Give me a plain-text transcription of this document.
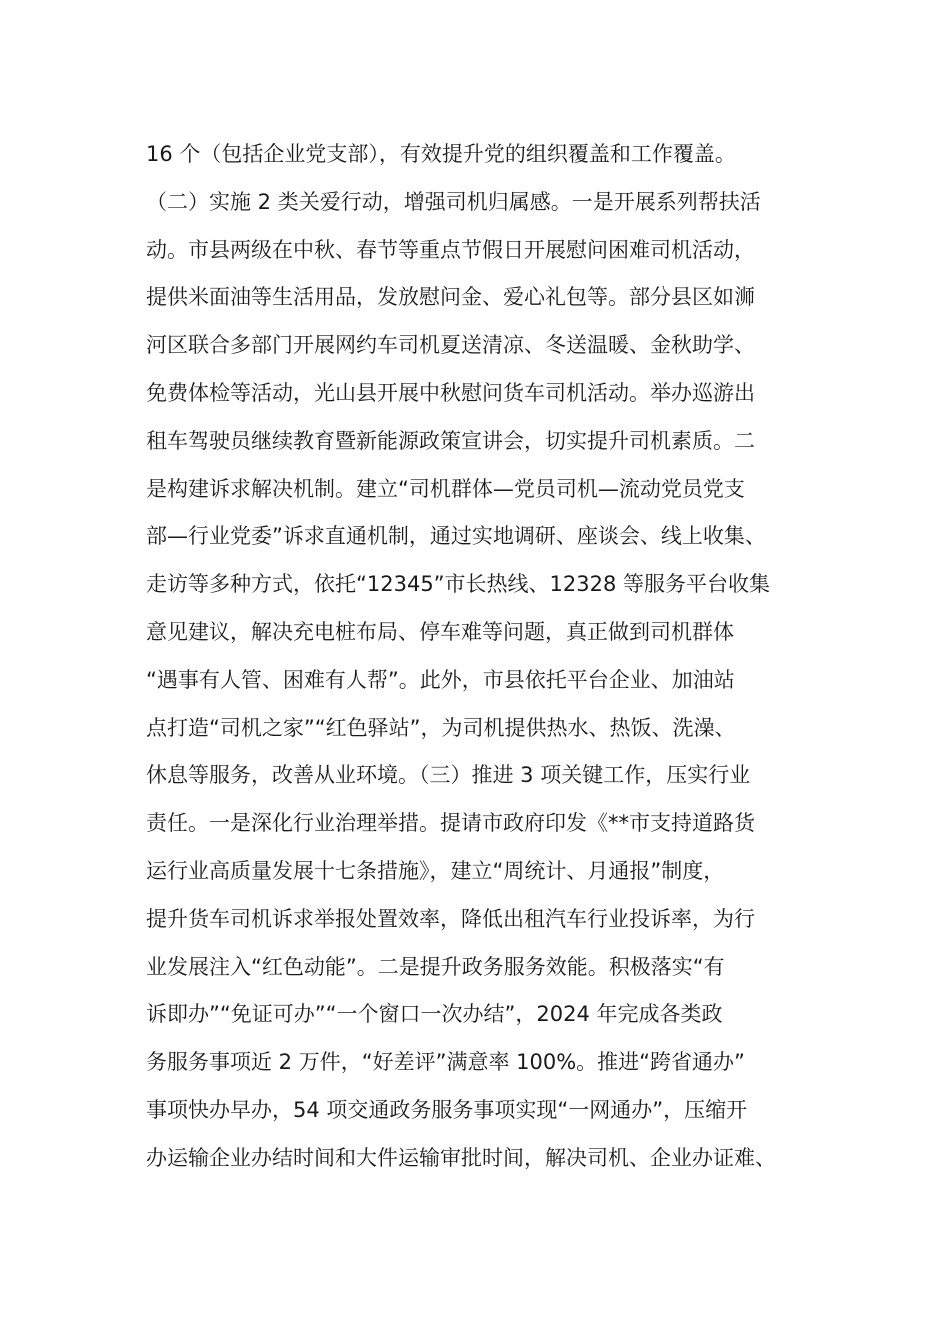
16 个（包括企业党支部），有效提升党的组织覆盖和工作覆盖。
（二）实施 2 类关爱行动，增强司机归属感。一是开展系列帮扶活
动。市县两级在中秋、春节等重点节假日开展慰问困难司机活动，
提供米面油等生活用品，发放慰问金、爱心礼包等。部分县区如浉
河区联合多部门开展网约车司机夏送清凉、冬送温暖、金秋助学、
免费体检等活动，光山县开展中秋慰问货车司机活动。举办巡游出
租车驾驶员继续教育暨新能源政策宣讲会，切实提升司机素质。二
是构建诉求解决机制。建立“司机群体—党员司机—流动党员党支
部—行业党委”诉求直通机制，通过实地调研、座谈会、线上收集、
走访等多种方式，依托“12345”市长热线、12328 等服务平台收集
意见建议，解决充电桩布局、停车难等问题，真正做到司机群体
“遇事有人管、困难有人帮”。此外，市县依托平台企业、加油站
点打造“司机之家”“红色驿站”，为司机提供热水、热饭、洗澡、
休息等服务，改善从业环境。（三）推进 3 项关键工作，压实行业
责任。一是深化行业治理举措。提请市政府印发《**市支持道路货
运行业高质量发展十七条措施》，建立“周统计、月通报”制度，
提升货车司机诉求举报处置效率，降低出租汽车行业投诉率，为行
业发展注入“红色动能”。二是提升政务服务效能。积极落实“有
诉即办”“免证可办”“一个窗口一次办结”，2024 年完成各类政
务服务事项近 2 万件，“好差评”满意率 100%。推进“跨省通办”
事项快办早办，54 项交通政务服务事项实现“一网通办”，压缩开
办运输企业办结时间和大件运输审批时间，解决司机、企业办证难、
